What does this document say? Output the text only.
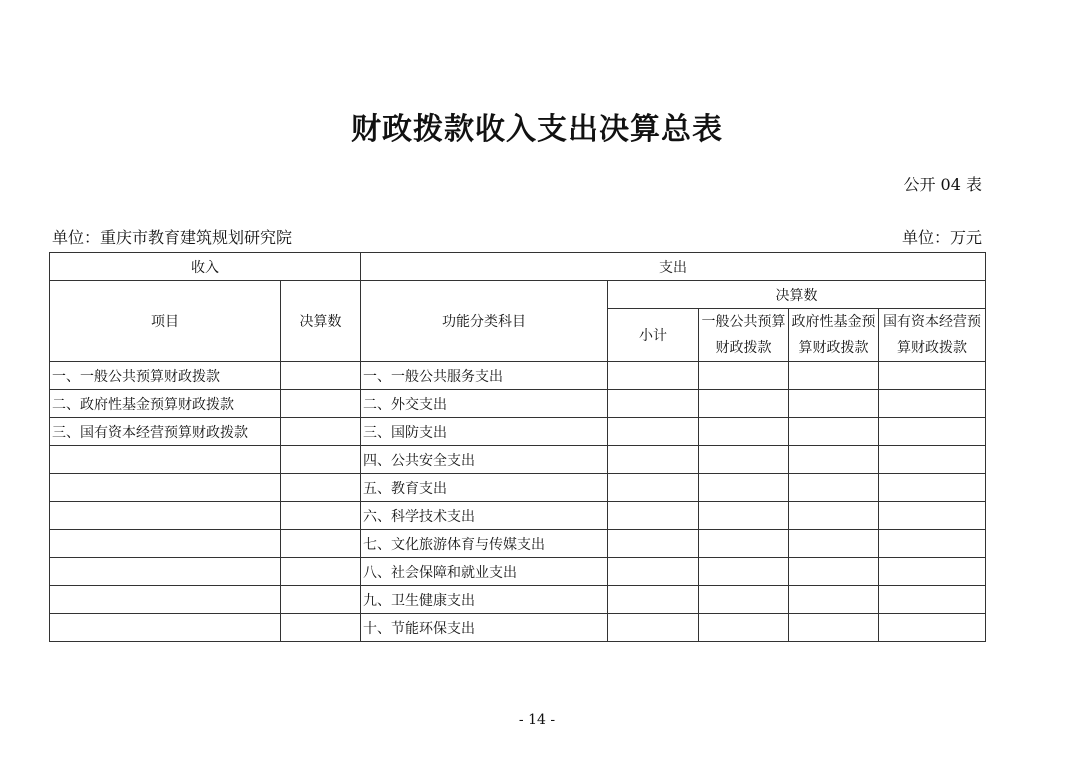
财政拨款收入支出决算总表
公开 04 表
单位：重庆市教育建筑规划研究院	单位：万元
收入		支出				
项目	决算数	功能分类科目	决算数			
			小计	一般公共预算财政拨款	政府性基金预算财政拨款	国有资本经营预算财政拨款
一、一般公共预算财政拨款		一、一般公共服务支出				
二、政府性基金预算财政拨款		二、外交支出				
三、国有资本经营预算财政拨款		三、国防支出				
		四、公共安全支出				
		五、教育支出				
		六、科学技术支出				
		七、文化旅游体育与传媒支出				
		八、社会保障和就业支出				
		九、卫生健康支出				
		十、节能环保支出				
- 14 -
